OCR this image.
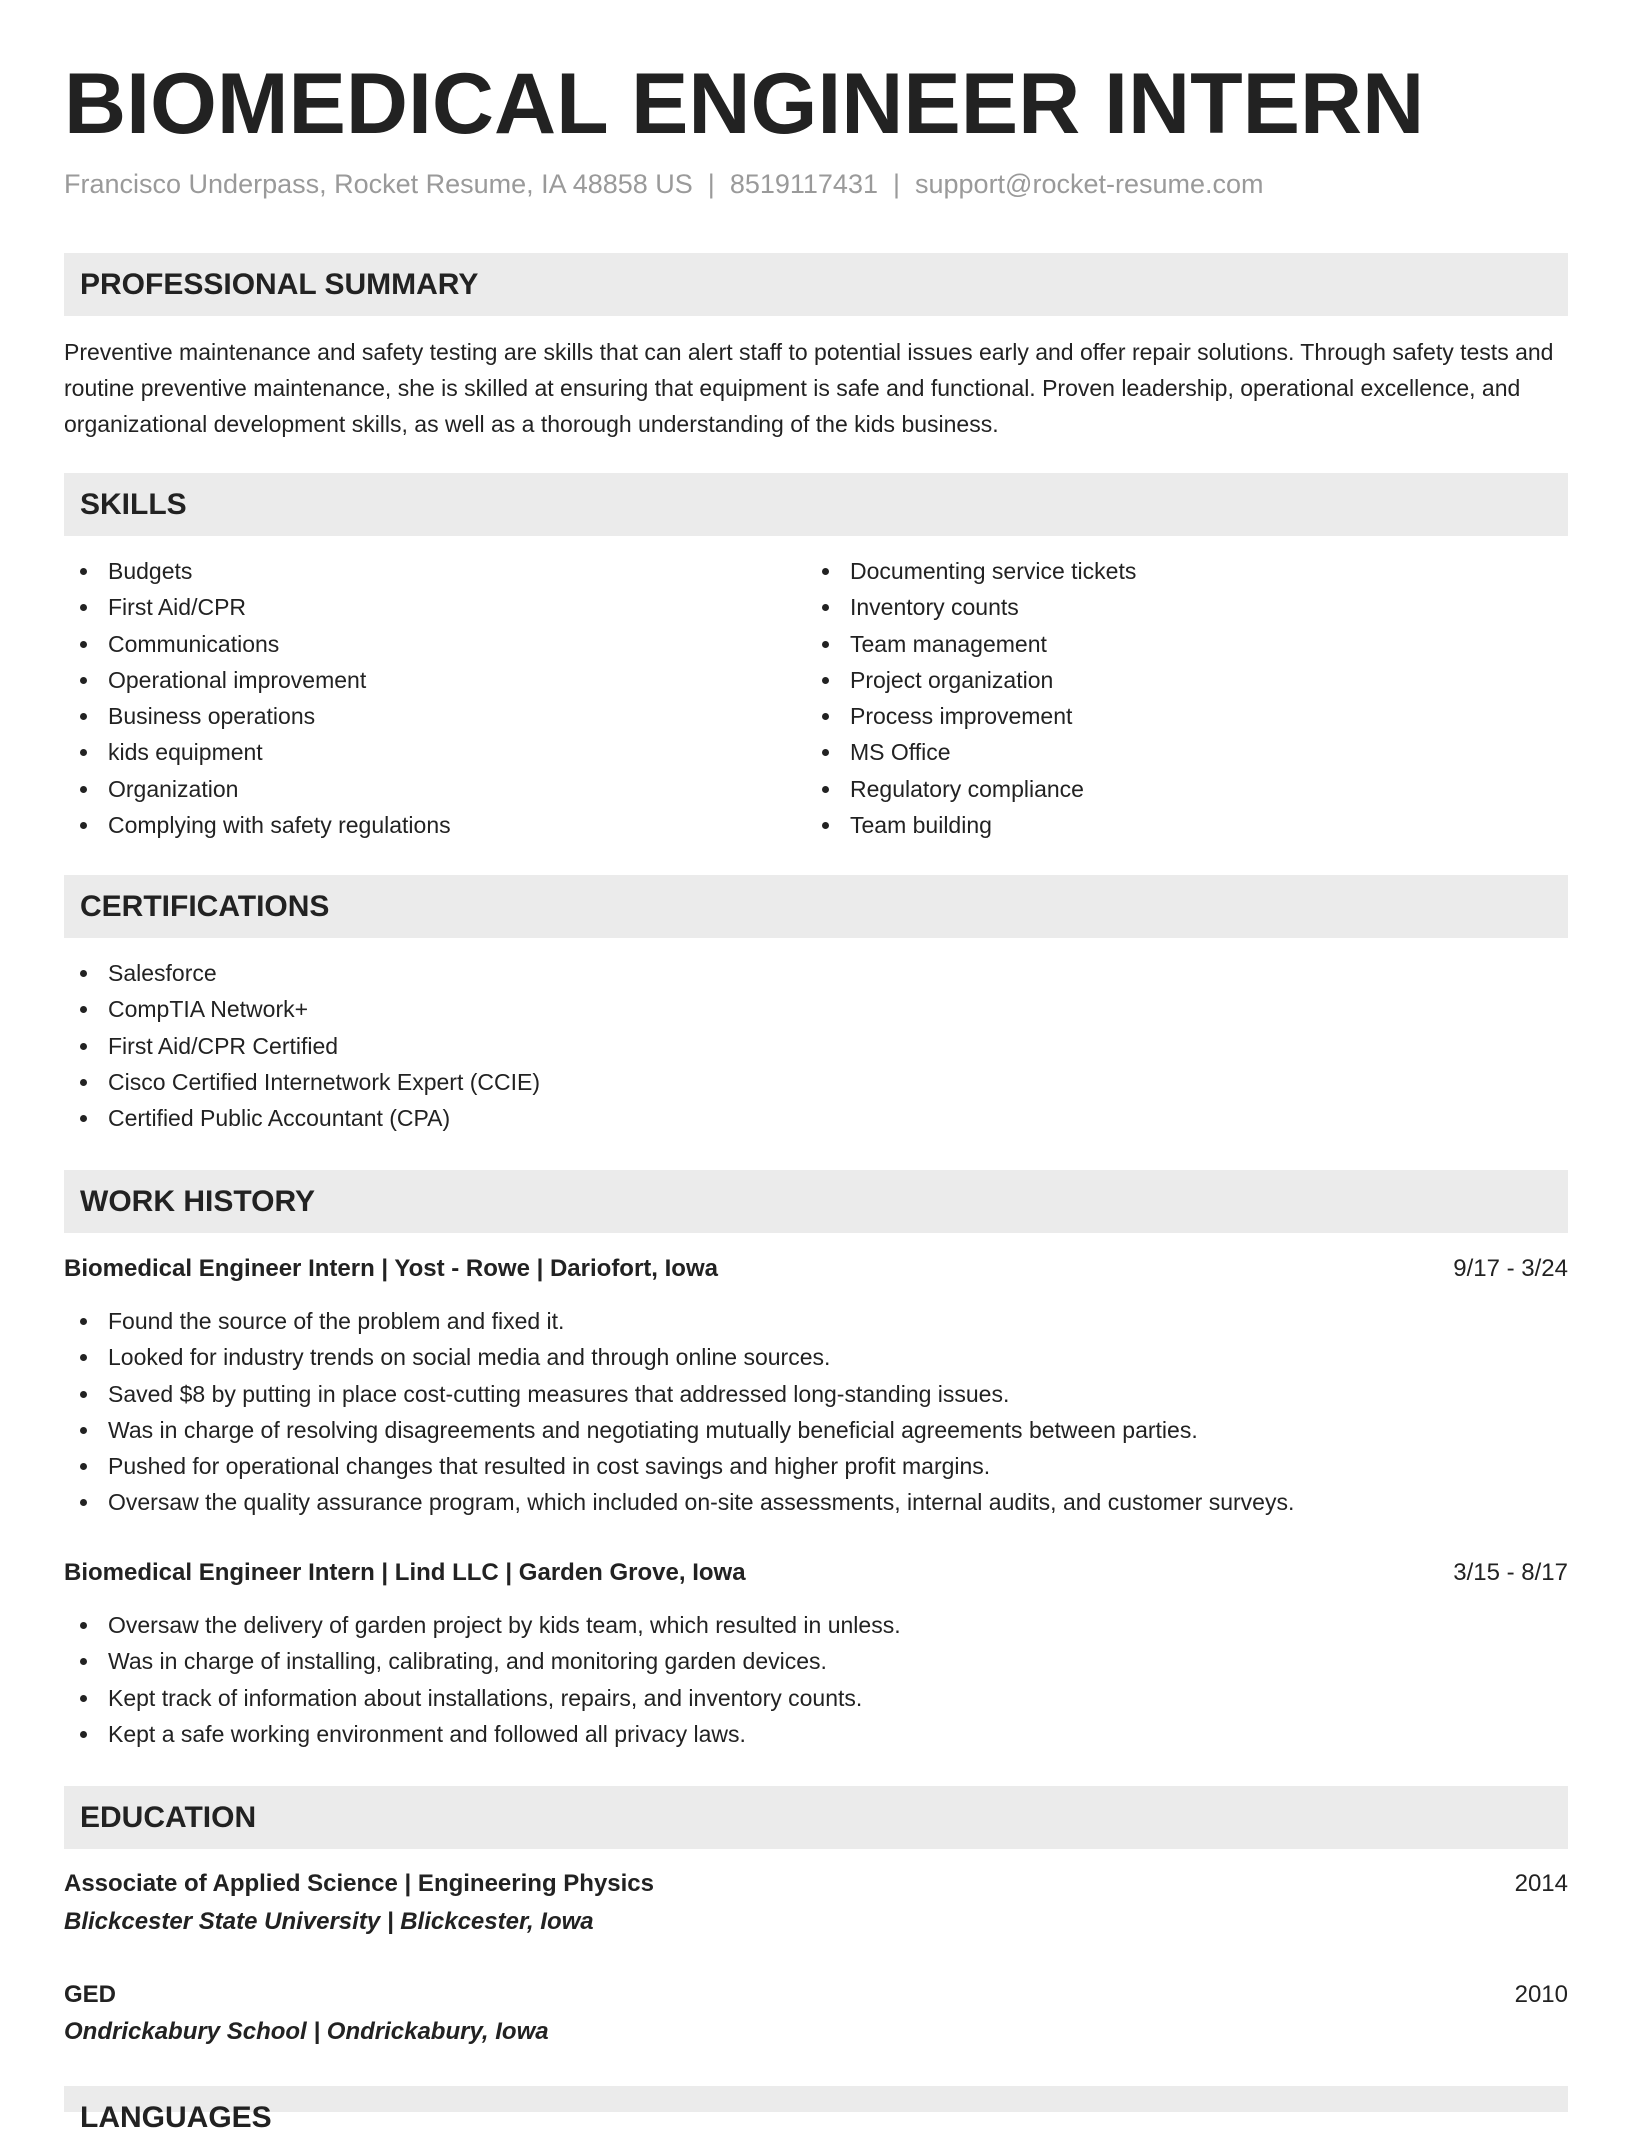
BIOMEDICAL ENGINEER INTERN
Francisco Underpass, Rocket Resume, IA 48858 US | 8519117431 | support@rocket-resume.com
PROFESSIONAL SUMMARY

Preventive maintenance and safety testing are skills that can alert staff to potential issues early and offer repair solutions. Through safety tests and routine preventive maintenance, she is skilled at ensuring that equipment is safe and functional. Proven leadership, operational excellence, and organizational development skills, as well as a thorough understanding of the kids business.

SKILLS
Budgets
First Aid/CPR
Communications
Operational improvement
Business operations
kids equipment
Organization
Complying with safety regulations
Documenting service tickets
Inventory counts
Team management
Project organization
Process improvement
MS Office
Regulatory compliance
Team building
CERTIFICATIONS
Salesforce
CompTIA Network+
First Aid/CPR Certified
Cisco Certified Internetwork Expert (CCIE)
Certified Public Accountant (CPA)
WORK HISTORY
Biomedical Engineer Intern | Yost - Rowe | Dariofort, Iowa	9/17 - 3/24
Found the source of the problem and fixed it.
Looked for industry trends on social media and through online sources.
Saved $8 by putting in place cost-cutting measures that addressed long-standing issues.
Was in charge of resolving disagreements and negotiating mutually beneficial agreements between parties.
Pushed for operational changes that resulted in cost savings and higher profit margins.
Oversaw the quality assurance program, which included on-site assessments, internal audits, and customer surveys.
Biomedical Engineer Intern | Lind LLC | Garden Grove, Iowa	3/15 - 8/17
Oversaw the delivery of garden project by kids team, which resulted in unless.
Was in charge of installing, calibrating, and monitoring garden devices.
Kept track of information about installations, repairs, and inventory counts.
Kept a safe working environment and followed all privacy laws.
EDUCATION
Associate of Applied Science | Engineering Physics	2014
Blickcester State University | Blickcester, Iowa
GED	2010
Ondrickabury School | Ondrickabury, Iowa
LANGUAGES
